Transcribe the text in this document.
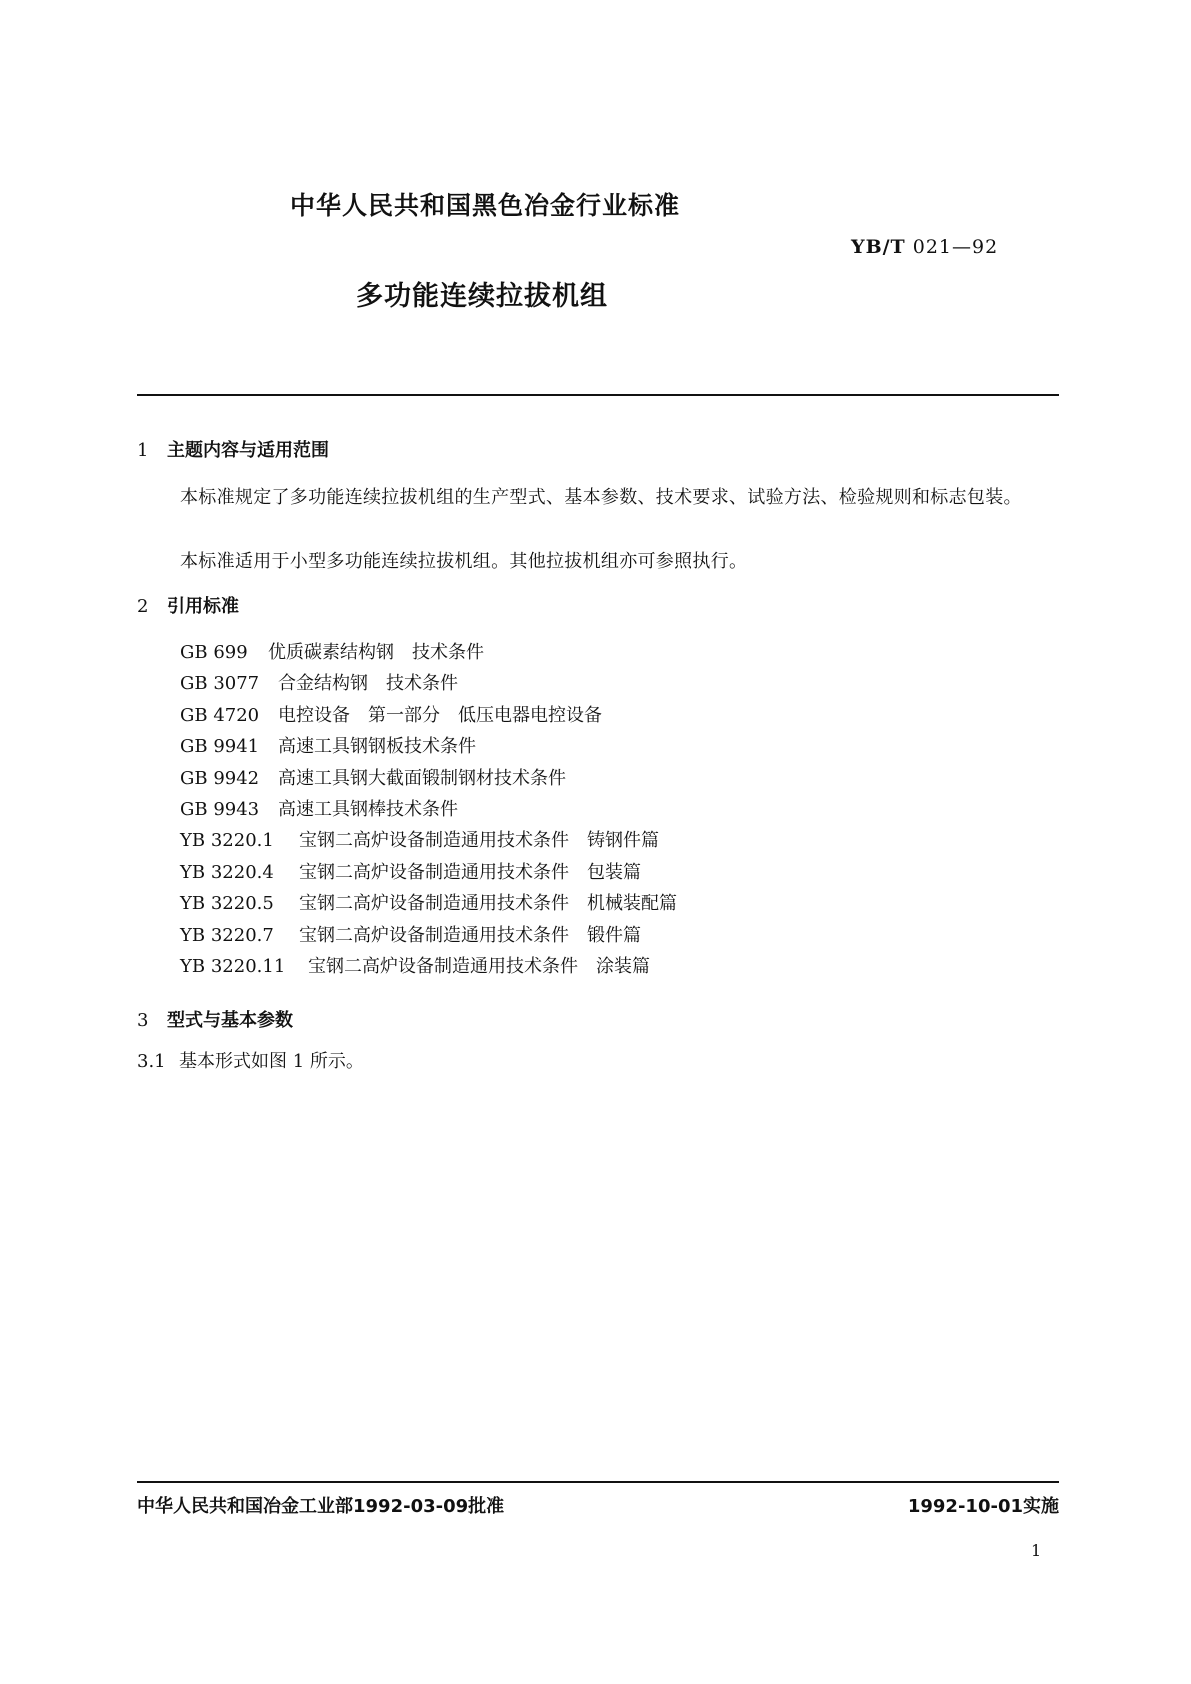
中华人民共和国黑色冶金行业标准
YB/T 021—92
多功能连续拉拔机组
1 主题内容与适用范围
本标准规定了多功能连续拉拔机组的生产型式、基本参数、技术要求、试验方法、检验规则和标志包装。
本标准适用于小型多功能连续拉拔机组。其他拉拔机组亦可参照执行。
2 引用标准
GB 699 优质碳素结构钢　技术条件
GB 3077 合金结构钢　技术条件
GB 4720 电控设备　第一部分　低压电器电控设备
GB 9941 高速工具钢钢板技术条件
GB 9942 高速工具钢大截面锻制钢材技术条件
GB 9943 高速工具钢棒技术条件
YB 3220.1 宝钢二高炉设备制造通用技术条件　铸钢件篇
YB 3220.4 宝钢二高炉设备制造通用技术条件　包装篇
YB 3220.5 宝钢二高炉设备制造通用技术条件　机械装配篇
YB 3220.7 宝钢二高炉设备制造通用技术条件　锻件篇
YB 3220.11 宝钢二高炉设备制造通用技术条件　涂装篇
3 型式与基本参数
3.1 基本形式如图 1 所示。
中华人民共和国冶金工业部1992-03-09批准	1992-10-01实施
1
